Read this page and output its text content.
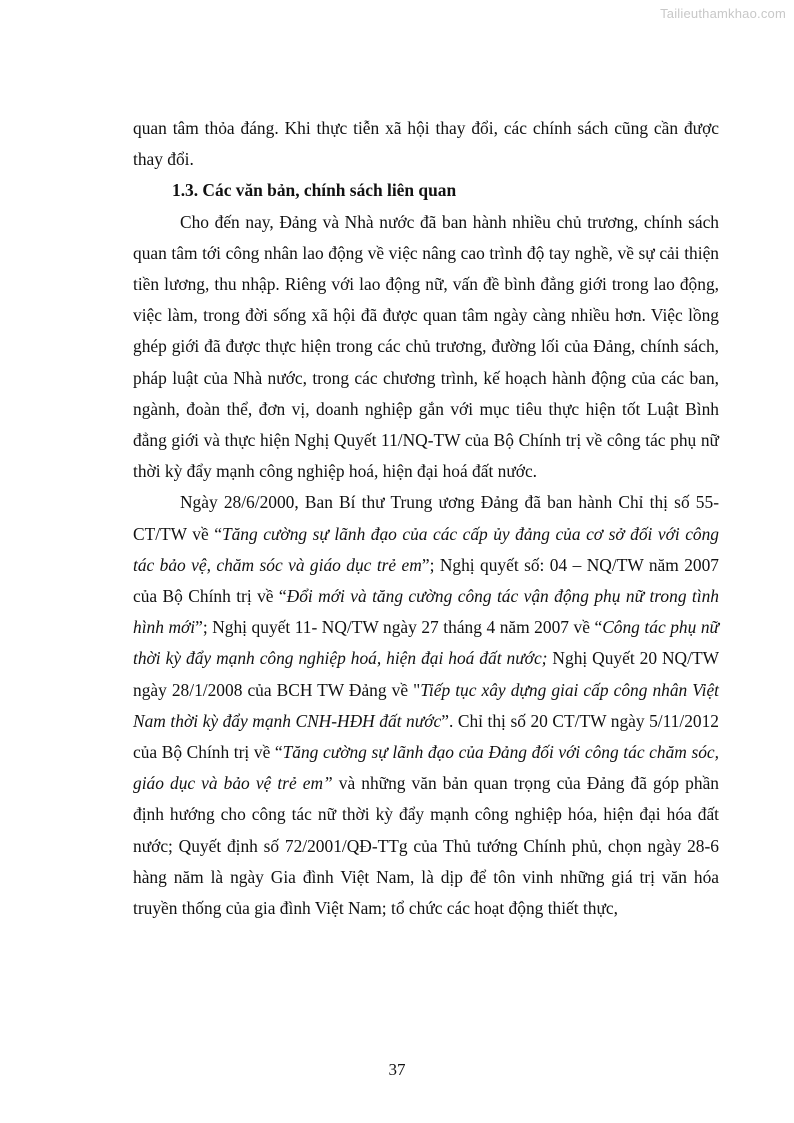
Tailieuthamkhao.com

quan tâm thỏa đáng. Khi thực tiễn xã hội thay đổi, các chính sách cũng cần được thay đổi.

1.3. Các văn bản, chính sách liên quan

Cho đến nay, Đảng và Nhà nước đã ban hành nhiều chủ trương, chính sách quan tâm tới công nhân lao động về việc nâng cao trình độ tay nghề, về sự cải thiện tiền lương, thu nhập. Riêng với lao động nữ, vấn đề bình đẳng giới trong lao động, việc làm, trong đời sống xã hội đã được quan tâm ngày càng nhiều hơn. Việc lồng ghép giới đã được thực hiện trong các chủ trương, đường lối của Đảng, chính sách, pháp luật của Nhà nước, trong các chương trình, kế hoạch hành động của các ban, ngành, đoàn thể, đơn vị, doanh nghiệp gắn với mục tiêu thực hiện tốt Luật Bình đẳng giới và thực hiện Nghị Quyết 11/NQ-TW của Bộ Chính trị về công tác phụ nữ thời kỳ đẩy mạnh công nghiệp hoá, hiện đại hoá đất nước.

Ngày 28/6/2000, Ban Bí thư Trung ương Đảng đã ban hành Chỉ thị số 55-CT/TW về “Tăng cường sự lãnh đạo của các cấp ủy đảng của cơ sở đối với công tác bảo vệ, chăm sóc và giáo dục trẻ em”; Nghị quyết số: 04 – NQ/TW năm 2007 của Bộ Chính trị về “Đổi mới và tăng cường công tác vận động phụ nữ trong tình hình mới”; Nghị quyết 11- NQ/TW ngày 27 tháng 4 năm 2007 về “Công tác phụ nữ thời kỳ đẩy mạnh công nghiệp hoá, hiện đại hoá đất nước; Nghị Quyết 20 NQ/TW ngày 28/1/2008 của BCH TW Đảng về "Tiếp tục xây dựng giai cấp công nhân Việt Nam thời kỳ đẩy mạnh CNH-HĐH đất nước”. Chỉ thị số 20 CT/TW ngày 5/11/2012 của Bộ Chính trị về “Tăng cường sự lãnh đạo của Đảng đối với công tác chăm sóc, giáo dục và bảo vệ trẻ em” và những văn bản quan trọng của Đảng đã góp phần định hướng cho công tác nữ thời kỳ đẩy mạnh công nghiệp hóa, hiện đại hóa đất nước; Quyết định số 72/2001/QĐ-TTg của Thủ tướng Chính phủ, chọn ngày 28-6 hàng năm là ngày Gia đình Việt Nam, là dịp để tôn vinh những giá trị văn hóa truyền thống của gia đình Việt Nam; tổ chức các hoạt động thiết thực,

37
